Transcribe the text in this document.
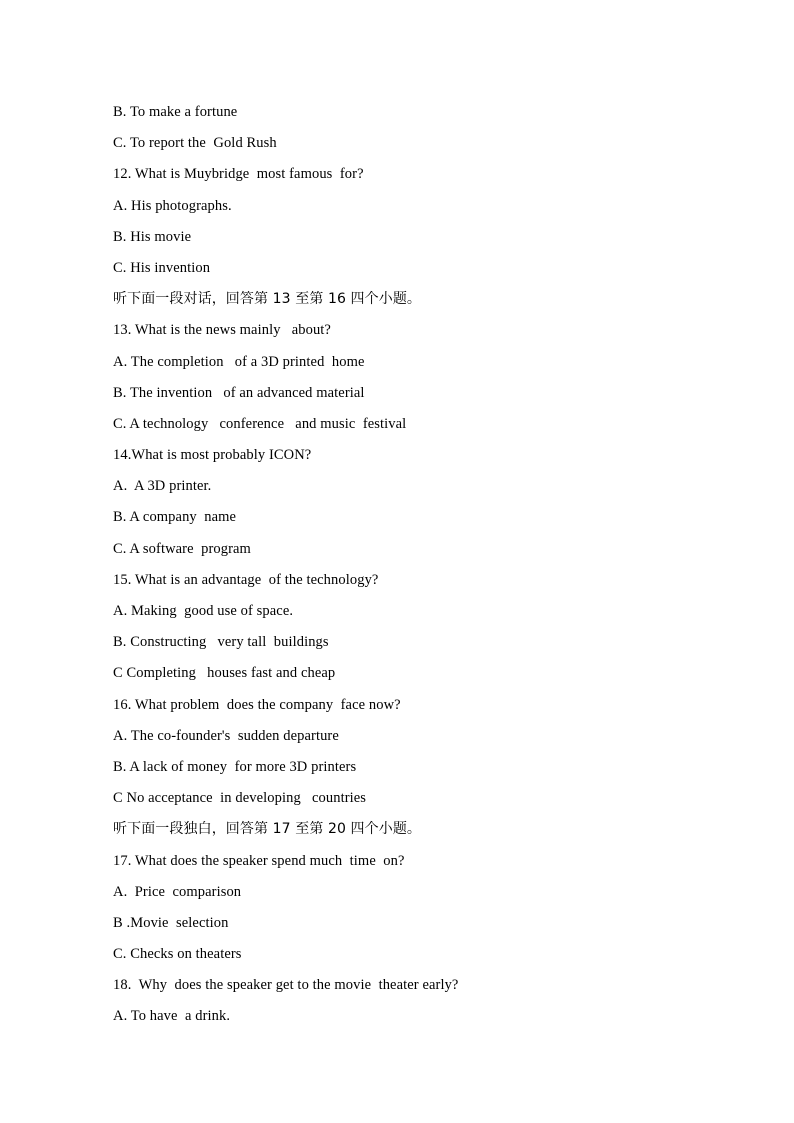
B. To make a fortune
C. To report the  Gold Rush
12. What is Muybridge  most famous  for?
A. His photographs.
B. His movie
C. His invention
听下面一段对话，回答第 13 至第 16 四个小题。
13. What is the news mainly   about?
A. The completion   of a 3D printed  home
B. The invention   of an advanced material
C. A technology   conference   and music  festival
14.What is most probably ICON?
A.  A 3D printer.
B. A company  name
C. A software  program
15. What is an advantage  of the technology?
A. Making  good use of space.
B. Constructing   very tall  buildings
C Completing   houses fast and cheap
16. What problem  does the company  face now?
A. The co-founder's  sudden departure
B. A lack of money  for more 3D printers
C No acceptance  in developing   countries
听下面一段独白，回答第 17 至第 20 四个小题。
17. What does the speaker spend much  time  on?
A.  Price  comparison
B .Movie  selection
C. Checks on theaters
18.  Why  does the speaker get to the movie  theater early?
A. To have  a drink.
